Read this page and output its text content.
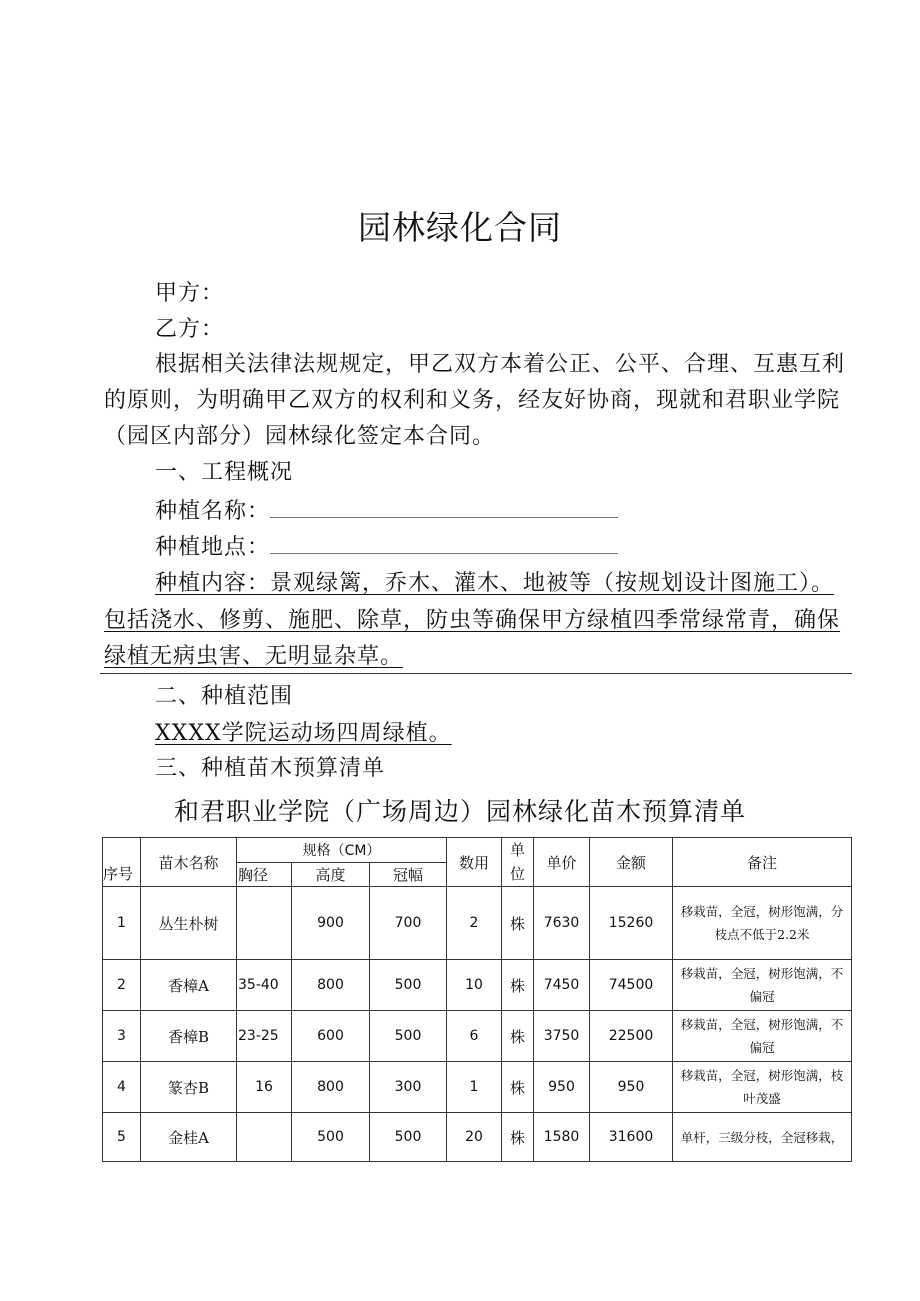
园林绿化合同
甲方：
乙方：
根据相关法律法规规定，甲乙双方本着公正、公平、合理、互惠互利
的原则，为明确甲乙双方的权利和义务，经友好协商，现就和君职业学院
（园区内部分）园林绿化签定本合同。
一、工程概况
种植名称：
种植地点：
种植内容：景观绿篱，乔木、灌木、地被等（按规划设计图施工）。
包括浇水、修剪、施肥、除草，防虫等确保甲方绿植四季常绿常青，确保
绿植无病虫害、无明显杂草。
二、种植范围
XXXX学院运动场四周绿植。
三、种植苗木预算清单
和君职业学院（广场周边）园林绿化苗木预算清单
序号	苗木名称	规格（CM）			数用	单位	单价	金额	备注
		胸径	高度	冠幅					
1	丛生朴树		900	700	2	株	7630	15260	移栽苗，全冠，树形饱满，分枝点不低于2.2米
2	香樟A	35-40	800	500	10	株	7450	74500	移栽苗，全冠，树形饱满，不偏冠
3	香樟B	23-25	600	500	6	株	3750	22500	移栽苗，全冠，树形饱满，不偏冠
4	篆杏B	16	800	300	1	株	950	950	移栽苗，全冠，树形饱满，枝叶茂盛
5	金桂A		500	500	20	株	1580	31600	单杆，三级分枝，全冠移栽，
